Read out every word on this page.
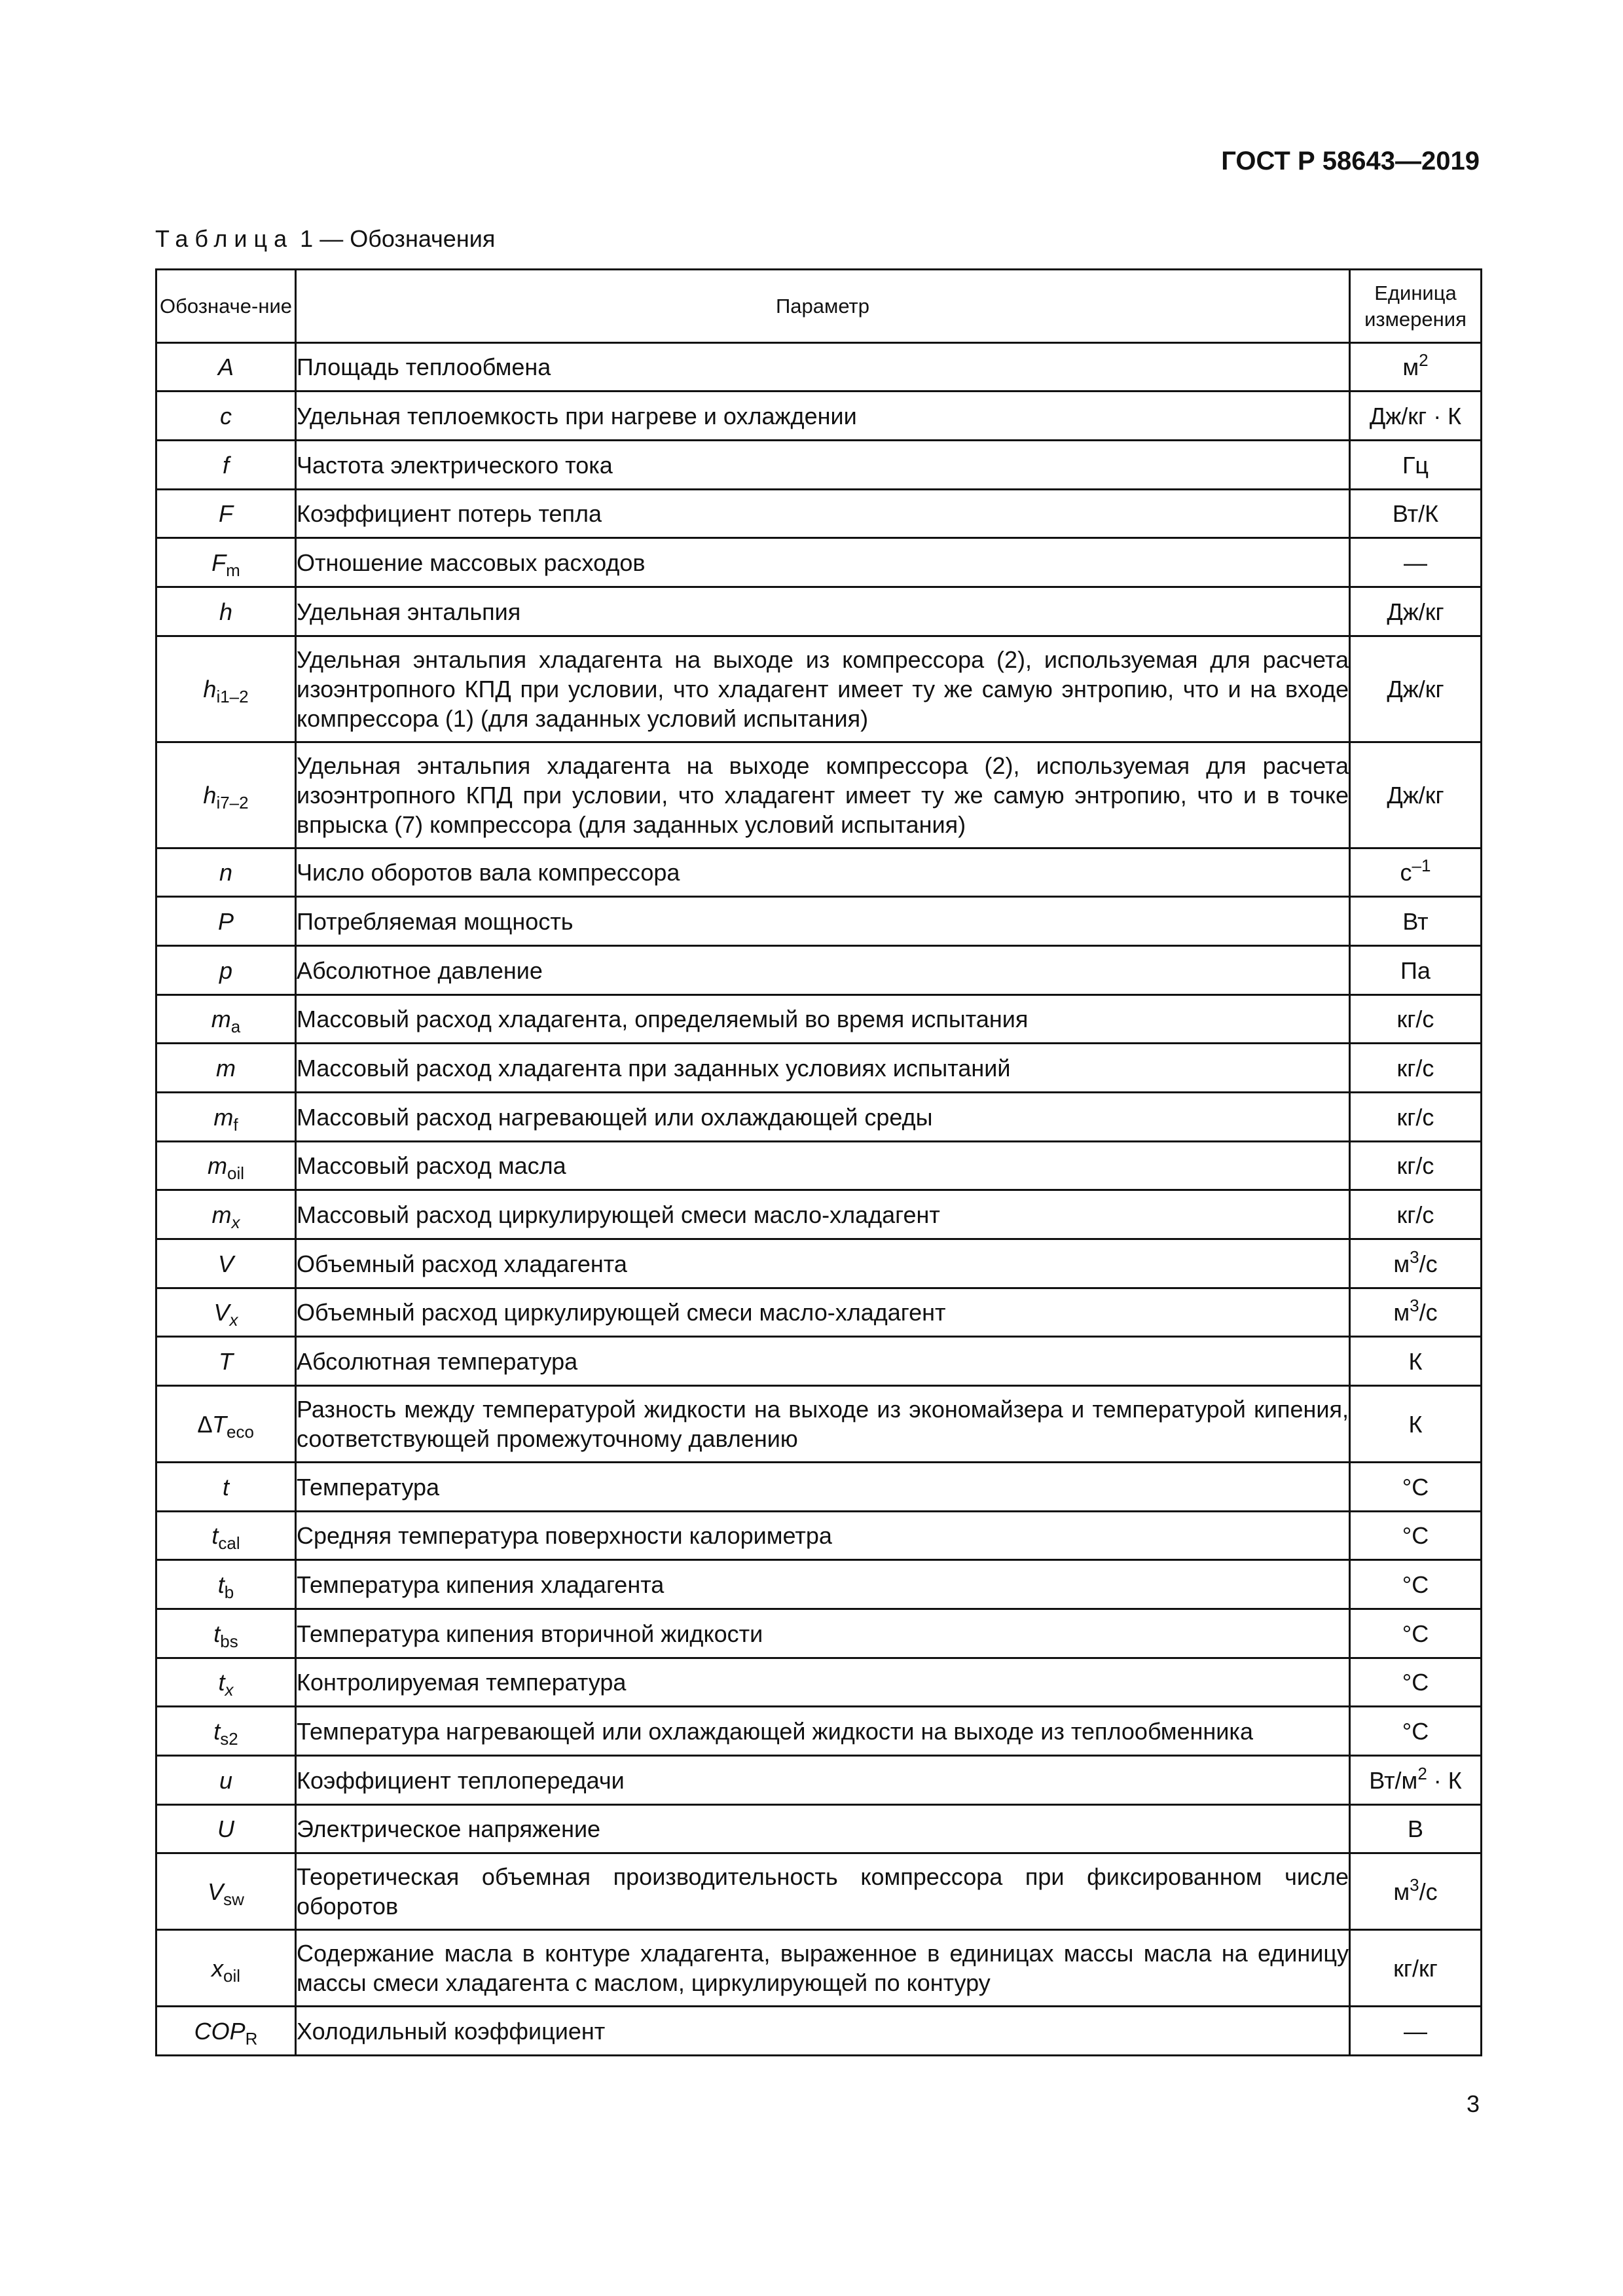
ГОСТ Р 58643—2019
Таблица 1 — Обозначения
Обозначе-ние	Параметр	Единица измерения
A	Площадь теплообмена	$м^2$
c	Удельная теплоемкость при нагреве и охлаждении	Дж/кг · К
f	Частота электрического тока	Гц
F	Коэффициент потерь тепла	Вт/К
$F_m$	Отношение массовых расходов	—
h	Удельная энтальпия	Дж/кг
$h_{i1-2}$	Удельная энтальпия хладагента на выходе из компрессора (2), используемая для расчета изоэнтропного КПД при условии, что хладагент имеет ту же самую энтропию, что и на входе компрессора (1) (для заданных условий испытания)	Дж/кг
$h_{i7-2}$	Удельная энтальпия хладагента на выходе компрессора (2), используемая для расчета изоэнтропного КПД при условии, что хладагент имеет ту же самую энтропию, что и в точке впрыска (7) компрессора (для заданных условий испытания)	Дж/кг
n	Число оборотов вала компрессора	$с^{-1}$
P	Потребляемая мощность	Вт
p	Абсолютное давление	Па
$m_a$	Массовый расход хладагента, определяемый во время испытания	кг/с
m	Массовый расход хладагента при заданных условиях испытаний	кг/с
$m_f$	Массовый расход нагревающей или охлаждающей среды	кг/с
$m_{oil}$	Массовый расход масла	кг/с
$m_x$	Массовый расход циркулирующей смеси масло-хладагент	кг/с
V	Объемный расход хладагента	$м^3/с$
$V_x$	Объемный расход циркулирующей смеси масло-хладагент	$м^3/с$
T	Абсолютная температура	К
$\Delta T_{eco}$	Разность между температурой жидкости на выходе из экономайзера и температурой кипения, соответствующей промежуточному давлению	К
t	Температура	°С
$t_{cal}$	Средняя температура поверхности калориметра	°С
$t_b$	Температура кипения хладагента	°С
$t_{bs}$	Температура кипения вторичной жидкости	°С
$t_x$	Контролируемая температура	°С
$t_{s2}$	Температура нагревающей или охлаждающей жидкости на выходе из теплообменника	°С
u	Коэффициент теплопередачи	$Вт/м^2 \cdot К$
U	Электрическое напряжение	В
$V_{sw}$	Теоретическая объемная производительность компрессора при фиксированном числе оборотов	$м^3/с$
$x_{oil}$	Содержание масла в контуре хладагента, выраженное в единицах массы масла на единицу массы смеси хладагента с маслом, циркулирующей по контуру	кг/кг
$COP_R$	Холодильный коэффициент	—
3
